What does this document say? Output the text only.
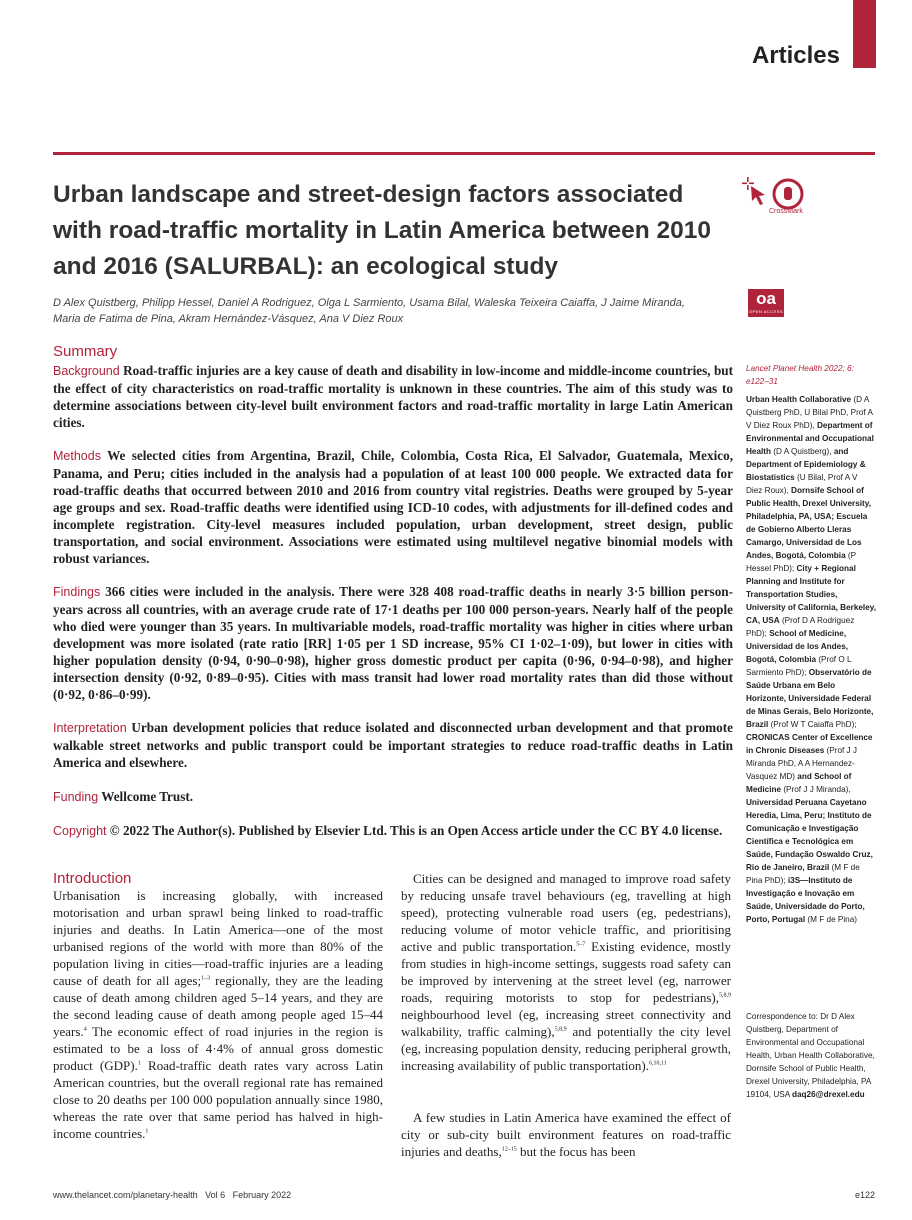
Articles
Urban landscape and street-design factors associated with road-traffic mortality in Latin America between 2010 and 2016 (SALURBAL): an ecological study
CrossMark
oa
OPEN ACCESS
D Alex Quistberg, Philipp Hessel, Daniel A Rodriguez, Olga L Sarmiento, Usama Bilal, Waleska Teixeira Caiaffa, J Jaime Miranda, Maria de Fatima de Pina, Akram Hernández-Vásquez, Ana V Diez Roux
Summary

Background Road-traffic injuries are a key cause of death and disability in low-income and middle-income countries, but the effect of city characteristics on road-traffic mortality is unknown in these countries. The aim of this study was to determine associations between city-level built environment factors and road-traffic mortality in large Latin American cities.

Methods We selected cities from Argentina, Brazil, Chile, Colombia, Costa Rica, El Salvador, Guatemala, Mexico, Panama, and Peru; cities included in the analysis had a population of at least 100 000 people. We extracted data for road-traffic deaths that occurred between 2010 and 2016 from country vital registries. Deaths were grouped by 5-year age groups and sex. Road-traffic deaths were identified using ICD-10 codes, with adjustments for ill-defined codes and incomplete registration. City-level measures included population, urban development, street design, public transportation, and social environment. Associations were estimated using multilevel negative binomial models with robust variances.

Findings 366 cities were included in the analysis. There were 328 408 road-traffic deaths in nearly 3·5 billion person-years across all countries, with an average crude rate of 17·1 deaths per 100 000 person-years. Nearly half of the people who died were younger than 35 years. In multivariable models, road-traffic mortality was higher in cities where urban development was more isolated (rate ratio [RR] 1·05 per 1 SD increase, 95% CI 1·02–1·09), but lower in cities with higher population density (0·94, 0·90–0·98), higher gross domestic product per capita (0·96, 0·94–0·98), and higher intersection density (0·92, 0·89–0·95). Cities with mass transit had lower road mortality rates than did those without (0·92, 0·86–0·99).

Interpretation Urban development policies that reduce isolated and disconnected urban development and that promote walkable street networks and public transport could be important strategies to reduce road-traffic deaths in Latin America and elsewhere.

Funding Wellcome Trust.

Copyright © 2022 The Author(s). Published by Elsevier Ltd. This is an Open Access article under the CC BY 4.0 license.

Lancet Planet Health 2022; 6: e122–31

Urban Health Collaborative (D A Quistberg PhD, U Bilal PhD, Prof A V Diez Roux PhD), Department of Environmental and Occupational Health (D A Quistberg), and Department of Epidemiology & Biostatistics (U Bilal, Prof A V Diez Roux), Dornsife School of Public Health, Drexel University, Philadelphia, PA, USA; Escuela de Gobierno Alberto Lleras Camargo, Universidad de Los Andes, Bogotá, Colombia (P Hessel PhD); City + Regional Planning and Institute for Transportation Studies, University of California, Berkeley, CA, USA (Prof D A Rodriguez PhD); School of Medicine, Universidad de los Andes, Bogotá, Colombia (Prof O L Sarmiento PhD); Observatório de Saúde Urbana em Belo Horizonte, Universidade Federal de Minas Gerais, Belo Horizonte, Brazil (Prof W T Caiaffa PhD); CRONICAS Center of Excellence in Chronic Diseases (Prof J J Miranda PhD, A A Hernandez-Vasquez MD) and School of Medicine (Prof J J Miranda), Universidad Peruana Cayetano Heredia, Lima, Peru; Instituto de Comunicação e Investigação Científica e Tecnológica em Saúde, Fundação Oswaldo Cruz, Rio de Janeiro, Brazil (M F de Pina PhD); i3S—Instituto de Investigação e Inovação em Saúde, Universidade do Porto, Porto, Portugal (M F de Pina)

Correspondence to: Dr D Alex Quistberg, Department of Environmental and Occupational Health, Urban Health Collaborative, Dornsife School of Public Health, Drexel University, Philadelphia, PA 19104, USA daq26@drexel.edu

Introduction

Urbanisation is increasing globally, with increased motorisation and urban sprawl being linked to road-traffic injuries and deaths. In Latin America—one of the most urbanised regions of the world with more than 80% of the population living in cities—road-traffic injuries are a leading cause of death for all ages;$^{1-3}$ regionally, they are the leading cause of death among children aged 5–14 years, and they are the second leading cause of death among people aged 15–44 years.$^4$ The economic effect of road injuries in the region is estimated to be a loss of 4·4% of annual gross domestic product (GDP).$^1$ Road-traffic death rates vary across Latin American countries, but the overall regional rate has remained close to 20 deaths per 100 000 population annually since 1980, whereas the rate over that same period has halved in high-income countries.$^1$

Cities can be designed and managed to improve road safety by reducing unsafe travel behaviours (eg, travelling at high speed), protecting vulnerable road users (eg, pedestrians), reducing volume of motor vehicle traffic, and prioritising active and public transportation.$^{5-7}$ Existing evidence, mostly from studies in high-income settings, suggests road safety can be improved by intervening at the street level (eg, narrower roads, requiring motorists to stop for pedestrians),$^{5,8,9}$ neighbourhood level (eg, increasing street connectivity and walkability, traffic calming),$^{5,8,9}$ and potentially the city level (eg, increasing population density, reducing peripheral growth, increasing availability of public transportation).$^{6,10,11}$

A few studies in Latin America have examined the effect of city or sub-city built environment features on road-traffic injuries and deaths,$^{12-15}$ but the focus has been

www.thelancet.com/planetary-health Vol 6 February 2022	e122
